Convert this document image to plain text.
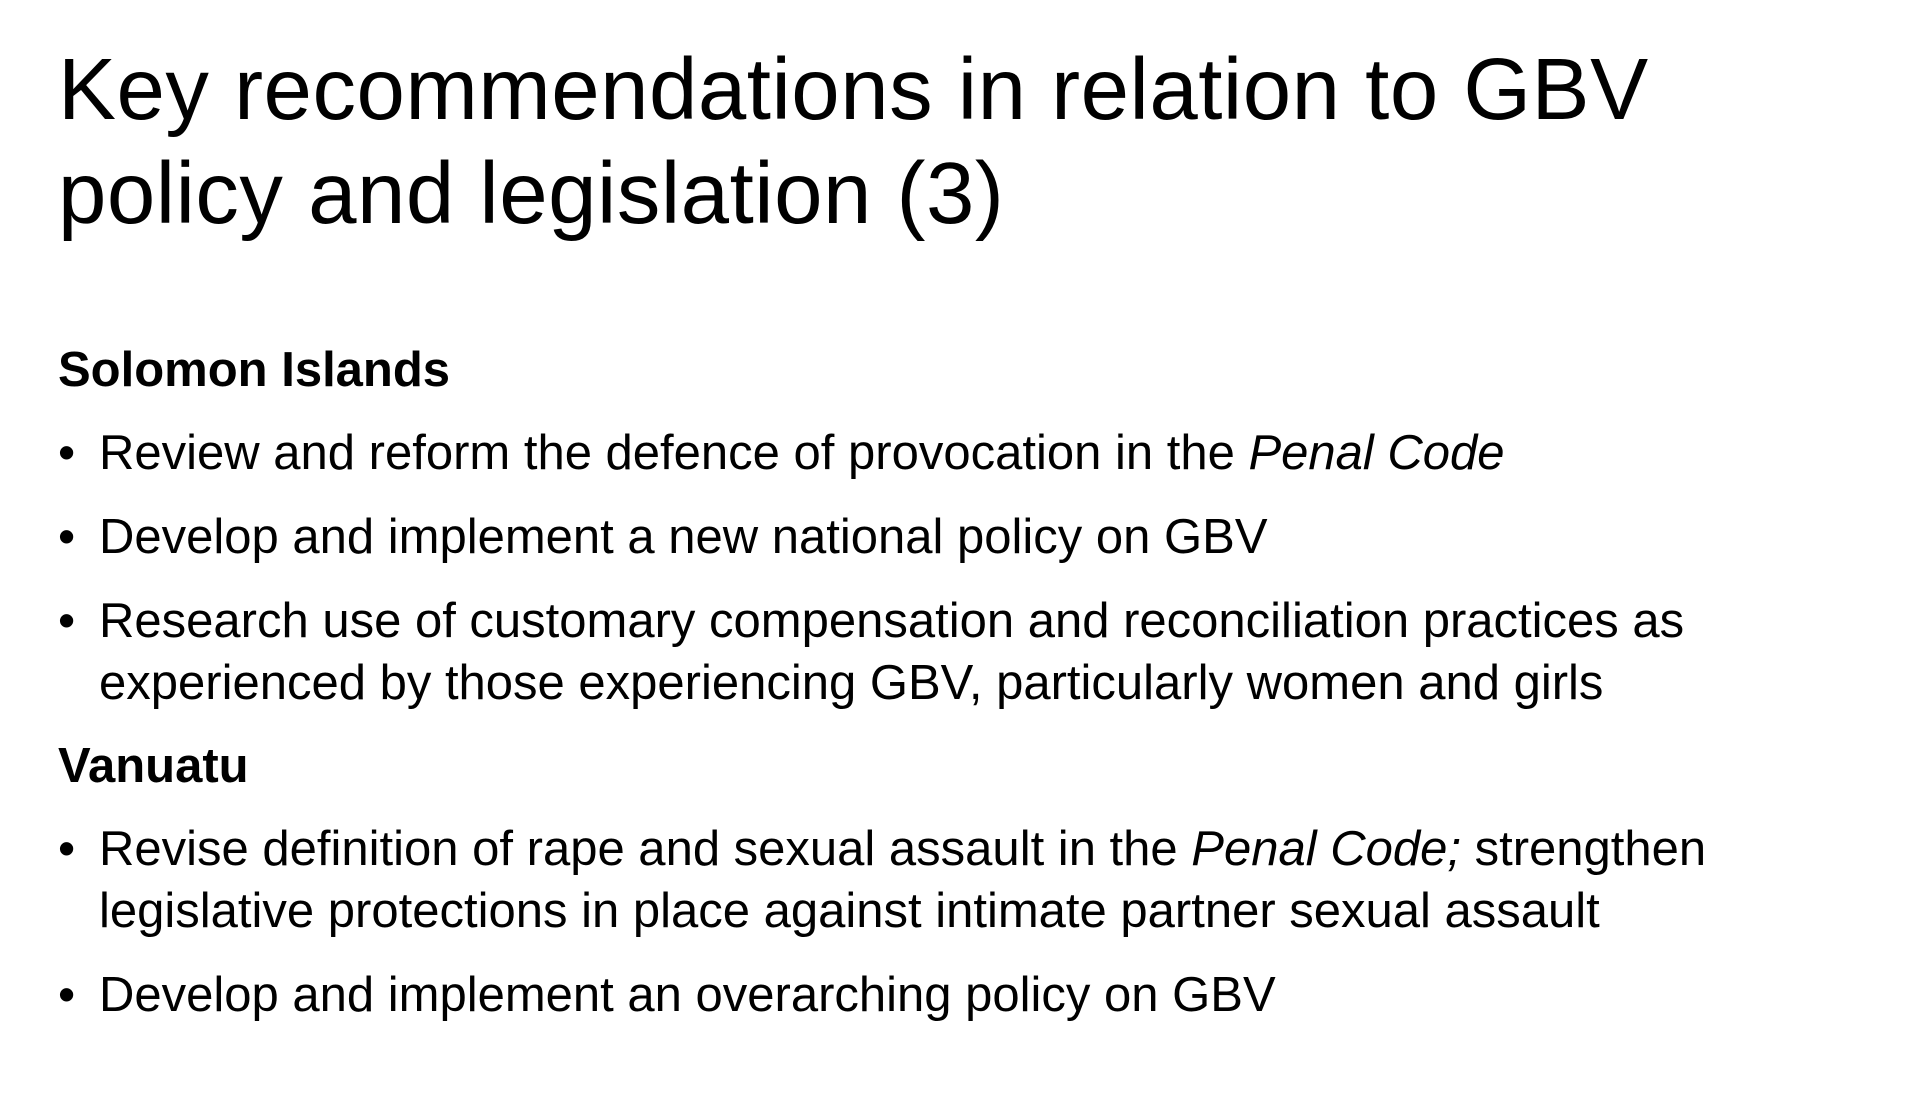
Key recommendations in relation to GBV
policy and legislation (3)
Solomon Islands
• Review and reform the defence of provocation in the Penal Code
• Develop and implement a new national policy on GBV
• Research use of customary compensation and reconciliation practices as experienced by those experiencing GBV, particularly women and girls
Vanuatu
• Revise definition of rape and sexual assault in the Penal Code; strengthen legislative protections in place against intimate partner sexual assault
• Develop and implement an overarching policy on GBV
